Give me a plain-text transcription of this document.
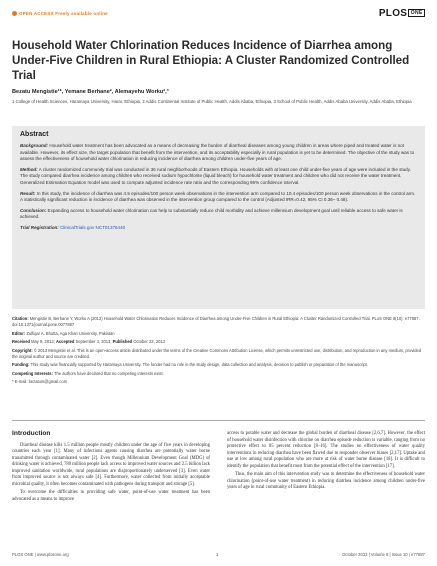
OPEN ACCESS Freely available online	PLOS $^{ONE}$
Household Water Chlorination Reduces Incidence of Diarrhea among Under-Five Children in Rural Ethiopia: A Cluster Randomized Controlled Trial
Bezatu Mengistie¹*, Yemane Berhane², Alemayehu Worku²,³
1 College of Health Sciences, Haramaya University, Harar, Ethiopia, 2 Addis Continental Institute of Public Health, Addis Ababa, Ethiopia, 3 School of Public Health, Addis Ababa University, Addis Ababa, Ethiopia
Abstract

Background: Household water treatment has been advocated as a means of decreasing the burden of diarrheal diseases among young children in areas where piped and treated water is not available. However, its effect size, the target population that benefit from the intervention, and its acceptability especially in rural population is yet to be determined. The objective of the study was to assess the effectiveness of household water chlorination in reducing incidence of diarrhea among children under-five years of age.

Method: A cluster randomized community trial was conducted in 36 rural neighborhoods of Eastern Ethiopia. Households with at least one child under-five years of age were included in the study. The study compared diarrhea incidence among children who received sodium hypochlorite (liquid bleach) for household water treatment and children who did not receive the water treatment. Generalized Estimation Equation model was used to compute adjusted incidence rate ratio and the corresponding 95% confidence interval.

Result: In this study, the incidence of diarrhea was 4.5 episodes/100 person week observations in the intervention arm compared to 10.4 episodes/100 person week observations in the control arm. A statistically significant reduction in incidence of diarrhea was observed in the intervention group compared to the control (Adjusted IRR=0.42, 95% CI 0.36– 0.48).

Conclusion: Expanding access to household water chlorination can help to substantially reduce child morbidity and achieve millennium development goal until reliable access to safe water is achieved.

Trial Registration: ClinicalTrials.gov NCT01376440

Citation: Mengistie B, Berhane Y, Worku A (2013) Household Water Chlorination Reduces Incidence of Diarrhea among Under-Five Children in Rural Ethiopia: A Cluster Randomized Controlled Trial. PLoS ONE 8(10): e77887. doi:10.1371/journal.pone.0077887

Editor: Zulfiqar A. Bhutta, Aga Khan University, Pakistan

Received May 9, 2013; Accepted September 4, 2013; Published October 23, 2013

Copyright: © 2013 Mengistie et al. This is an open-access article distributed under the terms of the Creative Commons Attribution License, which permits unrestricted use, distribution, and reproduction in any medium, provided the original author and source are credited.

Funding: This study was financially supported by Haramaya University. The funder had no role in the study design, data collection and analysis, decision to publish or preparation of the manuscript.

Competing Interests: The authors have declared that no competing interests exist.

* E-mail: bezatum@gmail.com

Introduction

Diarrheal disease kills 1.5 million people mostly children under the age of five years in developing countries each year [1]. Many of infections agents causing diarrhea are potentially water borne transmitted through contaminated water [2]. Even though Millennium Development Goal (MDG) of drinking water is achieved, 780 million people lack access to improved water sources and 2.5 billion lack improved sanitation worldwide, rural populations are disproportionately underserved [3]. Even water from improved source is not always safe [4]. Furthermore, water collected from initially acceptable microbial quality, it often becomes contaminated with pathogens during transport and storage [5].

To overcome the difficulties in providing safe water, point-of-use water treatment has been advocated as a means to improve

access to potable water and decrease the global burden of diarrheal disease [2,6,7]. However, the effect of household water disinfection with chlorine on diarrhea episode reduction is variable, ranging from no protective effect to 85 percent reduction [8–16]. The studies on effectiveness of water quality interventions in reducing diarrhea have been flawed due to responder observer biases [2,17]. Uptake and use at low among rural population who are more at risk of water borne disease [18]. It is difficult to identify the population that benefit most from the potential effect of the intervention [17].

Thus, the main aim of this intervention study was to determine the effectiveness of household water chlorination (point-of-use water treatment) in reducing diarrhea incidence among children under-five years of age in rural community of Eastern Ethiopia.

PLOS ONE | www.plosone.org	1	October 2013 | Volume 8 | Issue 10 | e77887
